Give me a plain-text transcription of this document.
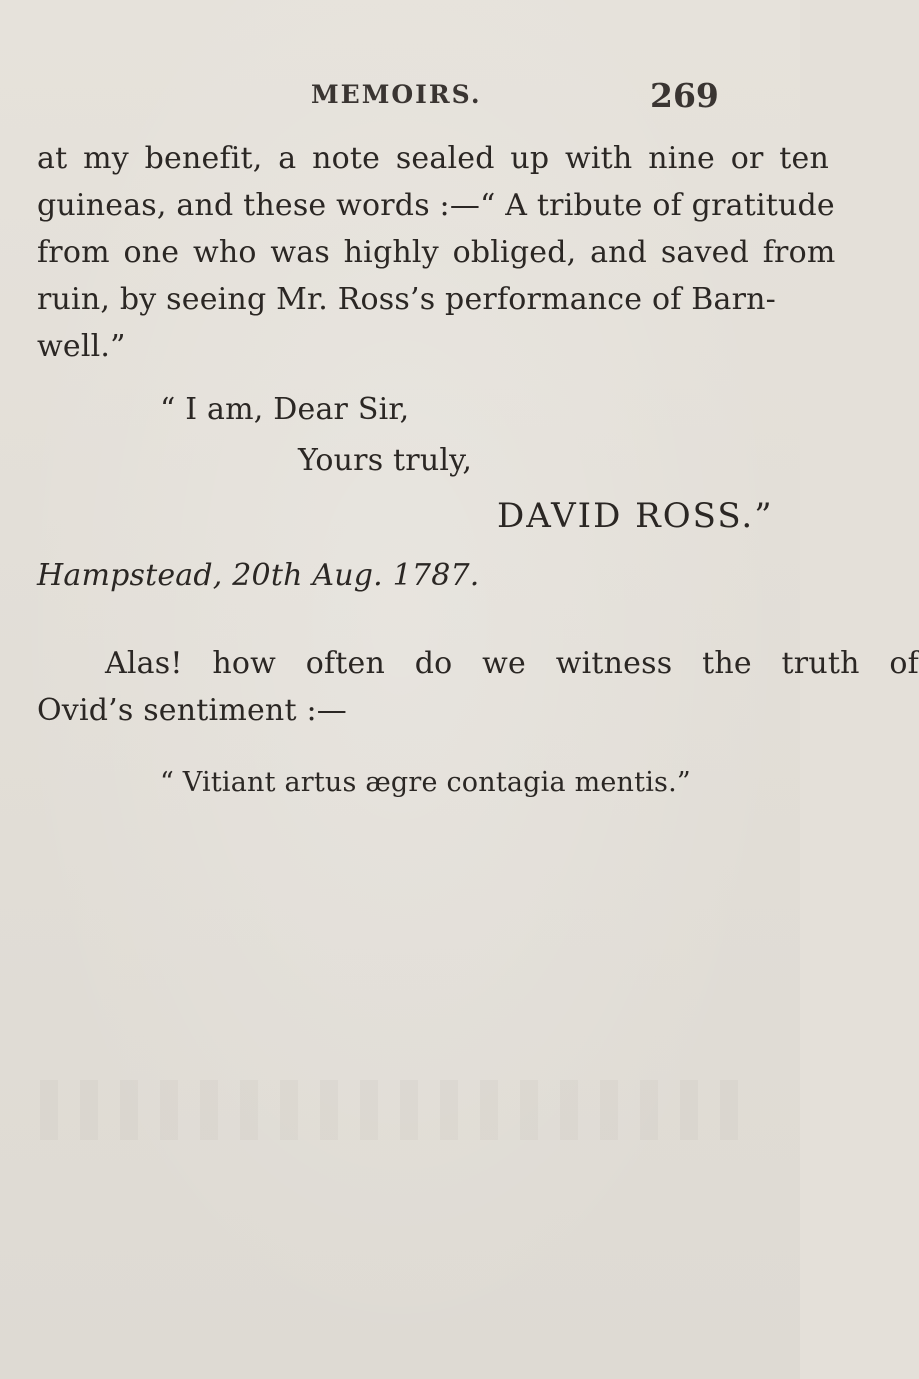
MEMOIRS.	269

at my benefit, a note sealed up with nine or ten

guineas, and these words :—“ A tribute of gratitude

from one who was highly obliged, and saved from

ruin, by seeing Mr. Ross’s performance of Barn-

well.”

“ I am, Dear Sir,

Yours truly,

DAVID ROSS.”

Hampstead, 20th Aug. 1787.

Alas! how often do we witness the truth of

Ovid’s sentiment :—

“ Vitiant artus ægre contagia mentis.”
